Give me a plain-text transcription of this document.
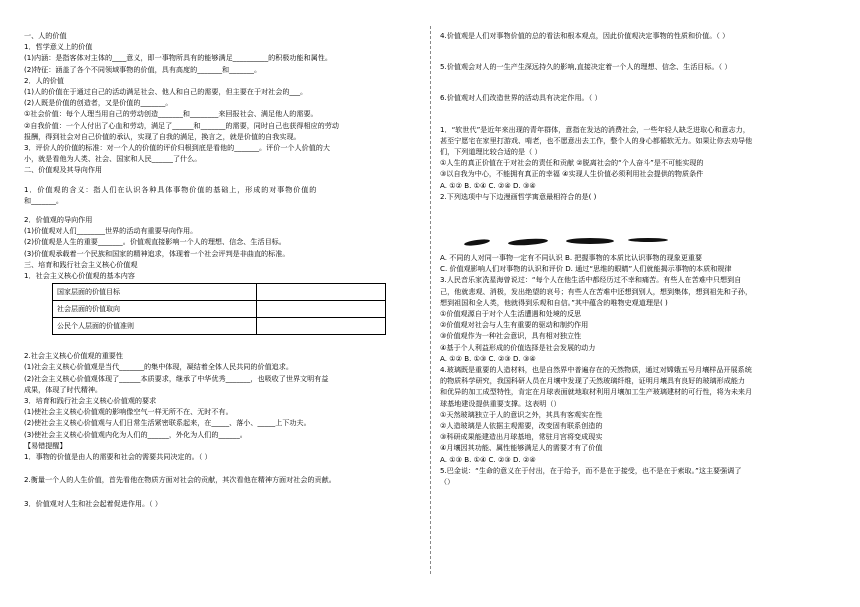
一、人的价值
1．哲学意义上的价值
(1)内涵：是指客体对主体的____意义，即一事物所具有的能够满足__________的积极功能和属性。
(2)特征：涵盖了各个不同领域事物的价值，具有高度的_______和_______。
2．人的价值
(1)人的价值在于通过自己的活动满足社会、他人和自己的需要，但主要在于对社会的___。
(2)人既是价值的创造者，又是价值的_______。
①社会价值：每个人理当用自己的劳动创造_______和________来回报社会、满足他人的需要。
②自我价值：一个人付出了心血和劳动，满足了______和_______的需要，同时自己也获得相应的劳动
报酬，得到社会对自己价值的承认，实现了自我的满足，换言之，就是价值的自我实现。
3．评价人的价值的标准：对一个人的价值的评价归根到底是看他的_______。评价一个人价值的大
小，就是看他为人类、社会、国家和人民______了什么。
二、价值观及其导向作用
1．价值观的含义：指人们在认识各种具体事物价值的基础上，形成的对事物价值的
和_______。
2．价值观的导向作用
(1)价值观对人们________世界的活动有重要导向作用。
(2)价值观是人生的重要_______。价值观直接影响一个人的理想、信念、生活目标。
(3)价值观承载着一个民族和国家的精神追求，体现着一个社会评判是非曲直的标准。
三、培育和践行社会主义核心价值观
1．社会主义核心价值观的基本内容
国家层面的价值目标	
社会层面的价值取向	
公民个人层面的价值准则	
2.社会主义核心价值观的重要性
(1)社会主义核心价值观是当代_______的集中体现，凝结着全体人民共同的价值追求。
(2)社会主义核心价值观体现了______本质要求，继承了中华优秀_______，也吸收了世界文明有益
成果，体现了时代精神。
3．培育和践行社会主义核心价值观的要求
(1)使社会主义核心价值观的影响像空气一样无所不在、无时不有。
(2)使社会主义核心价值观与人们日常生活紧密联系起来，在_____、落小、_____上下功夫。
(3)使社会主义核心价值观内化为人们的______，外化为人们的______。
【易错提醒】
1．事物的价值是由人的需要和社会的需要共同决定的。（ ）
2.衡量一个人的人生价值，首先看他在物质方面对社会的贡献，其次看他在精神方面对社会的贡献。
3．价值观对人生和社会起着促进作用。（ ）
4.价值观是人们对事物价值的总的看法和根本观点，因此价值观决定事物的性质和价值。（ ）
5.价值观会对人的一生产生深远持久的影响,直接决定着一个人的理想、信念、生活目标。（ ）
6.价值观对人们改造世界的活动具有决定作用。（ ）
1．“软世代”是近年来出现的青年群体，意指在发达的消费社会，一些年轻人缺乏进取心和意志力，
甚至宁愿宅在家里打游戏、啃老，也不愿意出去工作，整个人的身心都循软无力。如果让你去劝导他
们，下列道理比较合适的是（ ）
①人生的真正价值在于对社会的责任和贡献 ②脱离社会的“个人奋斗”是不可能实现的
③以自我为中心，不能拥有真正的幸福 ④实现人生价值必须利用社会提供的物质条件
A. ①② B. ①④ C. ②④ D. ③④
2.下列选项中与下边漫画哲学寓意最相符合的是( )
A. 不同的人对同一事物一定有不同认识 B. 把握事物的本质比认识事物的现象更重要
C. 价值观影响人们对事物的认识和评价 D. 通过“思维的眼睛”人们就能揭示事物的本质和规律
3.人民音乐家冼星海曾说过：“每个人在他生活中都经历过不幸和痛苦。有些人在苦难中只想到自
己，他就悲观、消极，发出绝望的哀号；有些人在苦难中还想到别人，想到集体，想到祖先和子孙，
想到祖国和全人类，他就得到乐观和自信。”其中蕴含的唯物史观道理是( )
①价值观源自于对个人生活遭遇和处境的反思
②价值观对社会与人生有重要的驱动和制约作用
③价值观作为一种社会意识，具有相对独立性
④基于个人利益形成的价值选择是社会发展的动力
A. ①② B. ①③ C. ②③ D. ③④
4.玻璃既是重要的人造材料，也是自然界中普遍存在的天然物质，通过对嫦娥五号月壤样品开展系统
的物质科学研究，我国科研人员在月壤中发现了天然玻璃纤维，证明月壤具有良好的玻璃形成能力
和优异的加工成型特性，肯定在月球表面就地取材利用月壤加工生产玻璃建材的可行性，将为未来月
球基地建设提供重要支撑。这表明（）
①天然玻璃独立于人的意识之外，其具有客观实在性
②人造玻璃是人依据主观需要，改变固有联系创造的
③科研成果能建造出月球基地，常驻月宫将变成现实
④月壤因其功能、属性能够满足人的需要才有了价值
A. ①③ B. ①④ C. ②③ D. ②④
5.巴金说：“生命的意义在于付出，在于给予，而不是在于接受，也不是在于索取。”这主要强调了
（）
